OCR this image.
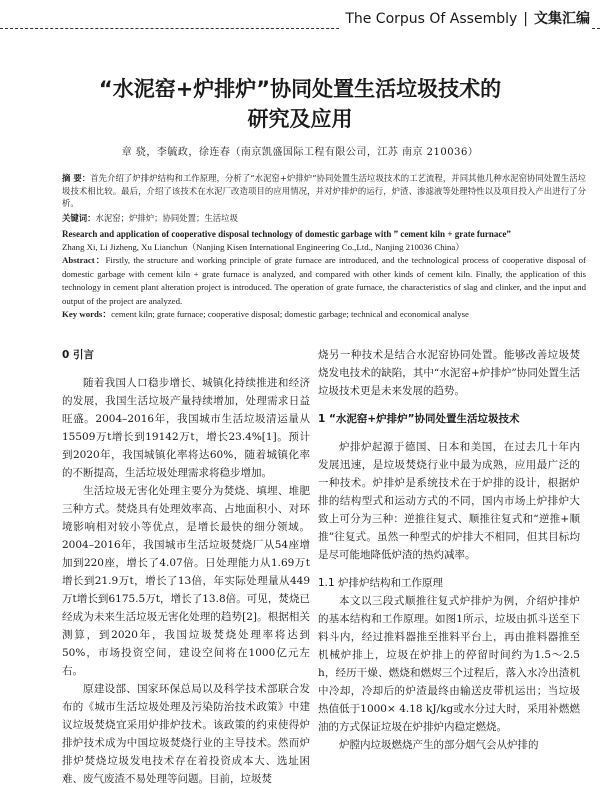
The Corpus Of Assembly | 文集汇编
“水泥窑+炉排炉”协同处置生活垃圾技术的
研究及应用
章 骁，李毓政，徐连春（南京凯盛国际工程有限公司，江苏 南京 210036）

摘 要：首先介绍了炉排炉结构和工作原理，分析了“水泥窑+炉排炉”协同处置生活垃圾技术的工艺流程，并同其他几种水泥窑协同处置生活垃圾技术相比较。最后，介绍了该技术在水泥厂改造项目的应用情况，并对炉排炉的运行，炉渣、渗滤液等处理特性以及项目投入产出进行了分析。

关键词：水泥窑；炉排炉；协同处置；生活垃圾

Research and application of cooperative disposal technology of domestic garbage with ” cement kiln + grate furnace”

Zhang Xi, Li Jizheng, Xu Lianchun（Nanjing Kisen International Engineering Co.,Ltd., Nanjing 210036 China）

Abstract：Firstly, the structure and working principle of grate furnace are introduced, and the technological process of cooperative disposal of domestic garbage with cement kiln + grate furnace is analyzed, and compared with other kinds of cement kiln. Finally, the application of this technology in cement plant alteration project is introduced. The operation of grate furnace, the characteristics of slag and clinker, and the input and output of the project are analyzed.

Key words：cement kiln; grate furnace; cooperative disposal; domestic garbage; technical and economical analyse

0 引言

随着我国人口稳步增长、城镇化持续推进和经济的发展，我国生活垃圾产量持续增加，处理需求日益旺盛。2004–2016年，我国城市生活垃圾清运量从15509万t增长到19142万t，增长23.4%[1]。预计到2020年，我国城镇化率将达60%，随着城镇化率的不断提高，生活垃圾处理需求将稳步增加。

生活垃圾无害化处理主要分为焚烧、填埋、堆肥三种方式。焚烧具有处理效率高、占地面积小、对环境影响相对较小等优点，是增长最快的细分领域。2004–2016年，我国城市生活垃圾焚烧厂从54座增加到220座，增长了4.07倍。日处理能力从1.69万t增长到21.9万t，增长了13倍，年实际处理量从449万t增长到6175.5万t，增长了13.8倍。可见，焚烧已经成为未来生活垃圾无害化处理的趋势[2]。根据相关测算，到2020年，我国垃圾焚烧处理率将达到50%，市场投资空间，建设空间将在1000亿元左右。

原建设部、国家环保总局以及科学技术部联合发布的《城市生活垃圾处理及污染防治技术政策》中建议垃圾焚烧宜采用炉排炉技术。该政策的约束使得炉排炉技术成为中国垃圾焚烧行业的主导技术。然而炉排炉焚烧垃圾发电技术存在着投资成本大、选址困难、废气废渣不易处理等问题。目前，垃圾焚

烧另一种技术是结合水泥窑协同处置。能够改善垃圾焚烧发电技术的缺陷，其中“水泥窑+炉排炉”协同处置生活垃圾技术更是未来发展的趋势。

1 “水泥窑+炉排炉”协同处置生活垃圾技术

炉排炉起源于德国、日本和美国，在过去几十年内发展迅速，是垃圾焚烧行业中最为成熟，应用最广泛的一种技术。炉排炉是系统技术在于炉排的设计，根据炉排的结构型式和运动方式的不同，国内市场上炉排炉大致上可分为三种：逆推往复式、顺推往复式和“逆推+顺推”往复式。虽然一种型式的炉排大不相同，但其目标均是尽可能地降低炉渣的热灼减率。

1.1 炉排炉结构和工作原理

本文以三段式顺推往复式炉排炉为例，介绍炉排炉的基本结构和工作原理。如图1所示，垃圾由抓斗送至下料斗内，经过推料器推至推料平台上，再由推料器推至机械炉排上，垃圾在炉排上的停留时间约为1.5～2.5 h，经历干燥、燃烧和燃烬三个过程后，落入水冷出渣机中冷却，冷却后的炉渣最终由输送皮带机运出；当垃圾热值低于1000× 4.18 kJ/kg或水分过大时，采用补燃燃油的方式保证垃圾在炉排炉内稳定燃烧。

炉膛内垃圾燃烧产生的部分烟气会从炉排的
